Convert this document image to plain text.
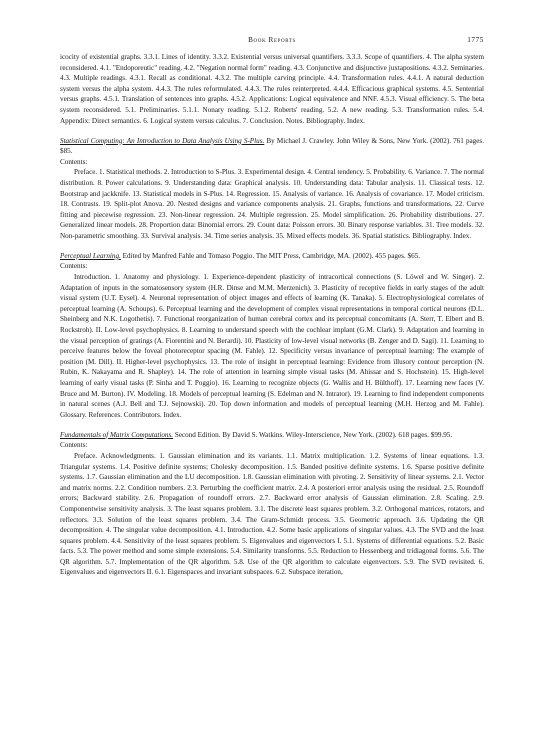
Book Reports	1775

icocity of existential graphs. 3.3.1. Lines of identity. 3.3.2. Existential versus universal quantifiers. 3.3.3. Scope of quantifiers. 4. The alpha system reconsidered. 4.1. "Endoporeutic" reading. 4.2. "Negation normal form" reading. 4.3. Conjunctive and disjunctive juxtapositions. 4.3.2. Seminaries. 4.3. Multiple readings. 4.3.1. Recall as conditional. 4.3.2. The multiple carving principle. 4.4. Transformation rules. 4.4.1. A natural deduction system versus the alpha system. 4.4.3. The rules reformulated. 4.4.3. The rules reinterpreted. 4.4.4. Efficacious graphical systems. 4.5. Sentential versus graphs. 4.5.1. Translation of sentences into graphs. 4.5.2. Applications: Logical equivalence and NNF. 4.5.3. Visual efficiency. 5. The beta system reconsidered. 5.1. Preliminaries. 5.1.1. Nonary reading. 5.1.2. Roberts' reading. 5.2. A new reading. 5.3. Transformation rules. 5.4. Appendix: Direct semantics. 6. Logical system versus calculus. 7. Conclusion. Notes. Bibliography. Index.

Statistical Computing: An Introduction to Data Analysis Using S-Plus. By Michael J. Crawley. John Wiley & Sons, New York. (2002). 761 pages. $85.

Contents:

Preface. 1. Statistical methods. 2. Introduction to S-Plus. 3. Experimental design. 4. Central tendency. 5. Probability. 6. Variance. 7. The normal distribution. 8. Power calculations. 9. Understanding data: Graphical analysis. 10. Understanding data: Tabular analysis. 11. Classical tests. 12. Bootstrap and jackknife. 13. Statistical models in S-Plus. 14. Regression. 15. Analysis of variance. 16. Analysis of covariance. 17. Model criticism. 18. Contrasts. 19. Split-plot Anova. 20. Nested designs and variance components analysis. 21. Graphs, functions and transformations. 22. Curve fitting and piecewise regression. 23. Non-linear regression. 24. Multiple regression. 25. Model simplification. 26. Probability distributions. 27. Generalized linear models. 28. Proportion data: Binomial errors. 29. Count data: Poisson errors. 30. Binary response variables. 31. Tree models. 32. Non-parametric smoothing. 33. Survival analysis. 34. Time series analysis. 35. Mixed effects models. 36. Spatial statistics. Bibliography. Index.

Perceptual Learning. Edited by Manfred Fahle and Tomaso Poggio. The MIT Press, Cambridge, MA. (2002). 455 pages. $65.

Contents:

Introduction. 1. Anatomy and physiology. 1. Experience-dependent plasticity of intracortical connections (S. Löwel and W. Singer). 2. Adaptation of inputs in the somatosensory system (H.R. Dinse and M.M. Merzenich). 3. Plasticity of receptive fields in early stages of the adult visual system (U.T. Eysel). 4. Neuronal representation of object images and effects of learning (K. Tanaka). 5. Electrophysiological correlates of perceptual learning (A. Schoups). 6. Perceptual learning and the development of complex visual representations in temporal cortical neurons (D.L. Sheinberg and N.K. Logothetis). 7. Functional reorganization of human cerebral cortex and its perceptual concomitants (A. Sterr, T. Elbert and B. Rockstroh). II. Low-level psychophysics. 8. Learning to understand speech with the cochlear implant (G.M. Clark). 9. Adaptation and learning in the visual perception of gratings (A. Fiorentini and N. Berardi). 10. Plasticity of low-level visual networks (B. Zenger and D. Sagi). 11. Learning to perceive features below the foveal photoreceptor spacing (M. Fahle). 12. Specificity versus invariance of perceptual learning: The example of position (M. Dill). II. Higher-level psychophysics. 13. The role of insight in perceptual learning: Evidence from illusory contour perception (N. Rubin, K. Nakayama and R. Shapley). 14. The role of attention in learning simple visual tasks (M. Ahissar and S. Hochstein). 15. High-level learning of early visual tasks (P. Sinha and T. Poggio). 16. Learning to recognize objects (G. Wallis and H. Bülthoff). 17. Learning new faces (V. Bruce and M. Burton). IV. Modeling. 18. Models of perceptual learning (S. Edelman and N. Intrator). 19. Learning to find independent components in natural scenes (A.J. Bell and T.J. Sejnowski). 20. Top down information and models of perceptual learning (M.H. Herzog and M. Fahle). Glossary. References. Contributors. Index.

Fundamentals of Matrix Computations. Second Edition. By David S. Watkins. Wiley-Interscience, New York. (2002). 618 pages. $99.95.

Contents:

Preface. Acknowledgments. 1. Gaussian elimination and its variants. 1.1. Matrix multiplication. 1.2. Systems of linear equations. 1.3. Triangular systems. 1.4. Positive definite systems; Cholesky decomposition. 1.5. Banded positive definite systems. 1.6. Sparse positive definite systems. 1.7. Gaussian elimination and the LU decomposition. 1.8. Gaussian elimination with pivoting. 2. Sensitivity of linear systems. 2.1. Vector and matrix norms. 2.2. Condition numbers. 2.3. Perturbing the coefficient matrix. 2.4. A posteriori error analysis using the residual. 2.5. Roundoff errors; Backward stability. 2.6. Propagation of roundoff errors. 2.7. Backward error analysis of Gaussian elimination. 2.8. Scaling. 2.9. Componentwise sensitivity analysis. 3. The least squares problem. 3.1. The discrete least squares problem. 3.2. Orthogonal matrices, rotators, and reflectors. 3.3. Solution of the least squares problem. 3.4. The Gram-Schmidt process. 3.5. Geometric approach. 3.6. Updating the QR decomposition. 4. The singular value decomposition. 4.1. Introduction. 4.2. Some basic applications of singular values. 4.3. The SVD and the least squares problem. 4.4. Sensitivity of the least squares problem. 5. Eigenvalues and eigenvectors I. 5.1. Systems of differential equations. 5.2. Basic facts. 5.3. The power method and some simple extensions. 5.4. Similarity transforms. 5.5. Reduction to Hessenberg and tridiagonal forms. 5.6. The QR algorithm. 5.7. Implementation of the QR algorithm. 5.8. Use of the QR algorithm to calculate eigenvectors. 5.9. The SVD revisited. 6. Eigenvalues and eigenvectors II. 6.1. Eigenspaces and invariant subspaces. 6.2. Subspace iteration,
